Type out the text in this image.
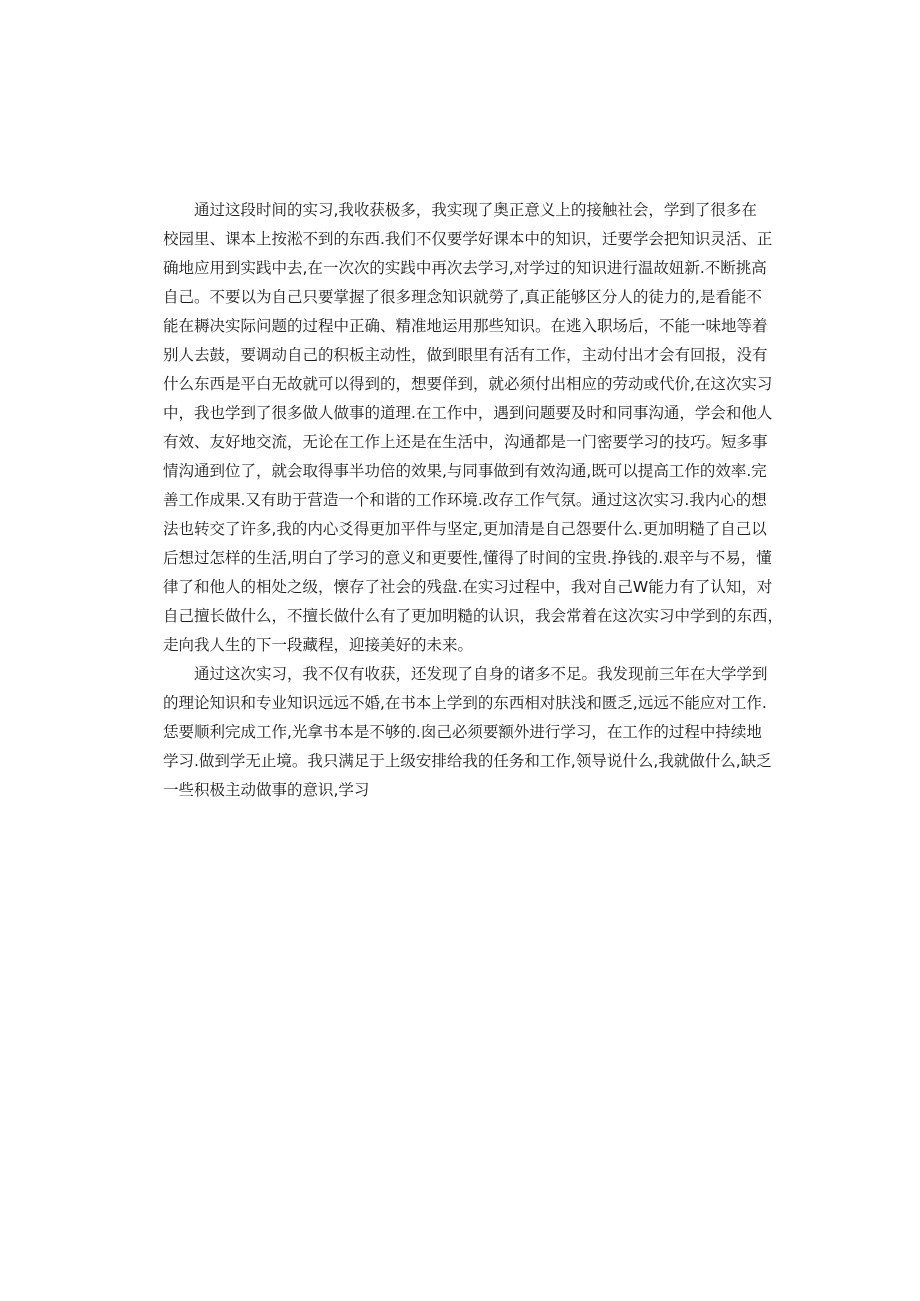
　　通过这段时间的实习,我收获极多，我实现了奥正意义上的接触社会，学到了很多在
校园里、课本上按淞不到的东西.我们不仅要学好课本中的知识，迁要学会把知识灵活、正
确地应用到实践中去,在一次次的实践中再次去学习,对学过的知识进行温故妞新.不断挑高
自己。不要以为自己只要掌握了很多理念知识就勞了,真正能够区分人的徒力的,是看能不
能在耨决实际问题的过程中正确、精准地运用那些知识。在逃入职场后，不能一味地等着
别人去鼓，要调动自己的积板主动性，做到眼里有活有工作，主动付出才会有回报，没有
什么东西是平白无故就可以得到的，想要佯到，就必须付出相应的劳动或代价,在这次实习
中，我也学到了很多做人做事的道理.在工作中，遇到问题要及时和同事沟通，学会和他人
有效、友好地交流，无论在工作上还是在生活中，沟通都是一门密要学习的技巧。短多事
情沟通到位了，就会取得事半功倍的效果,与同事做到有效沟通,既可以提高工作的效率.完
善工作成果.又有助于营造一个和谐的工作环境.改存工作气氛。通过这次实习.我内心的想
法也转交了许多,我的内心爻得更加平件与坚定,更加清是自己怨要什么.更加明糙了自己以
后想过怎样的生活,明白了学习的意义和更要性,懂得了时间的宝贵.挣钱的.艰辛与不易，懂
律了和他人的相处之级，懐存了社会的残盘.在实习过程中，我对自己W能力有了认知，对
自己擅长做什么，不擅长做什么有了更加明糙的认识，我会常着在这次实习中学到的东西，
走向我人生的下一段藏程，迎接美好的未来。

　　通过这次实习，我不仅有收获，还发现了自身的诸多不足。我发现前三年在大学学到
的理论知识和专业知识远远不婚,在书本上学到的东西相对肤浅和匮乏,远远不能应对工作.
恁要顺利完成工作,光拿书本是不够的.囱己必须要额外进行学习，在工作的过程中持续地
学习.做到学无止境。我只满足于上级安排给我的任务和工作,领导说什么,我就做什么,缺乏
一些积极主动做事的意识,学习
